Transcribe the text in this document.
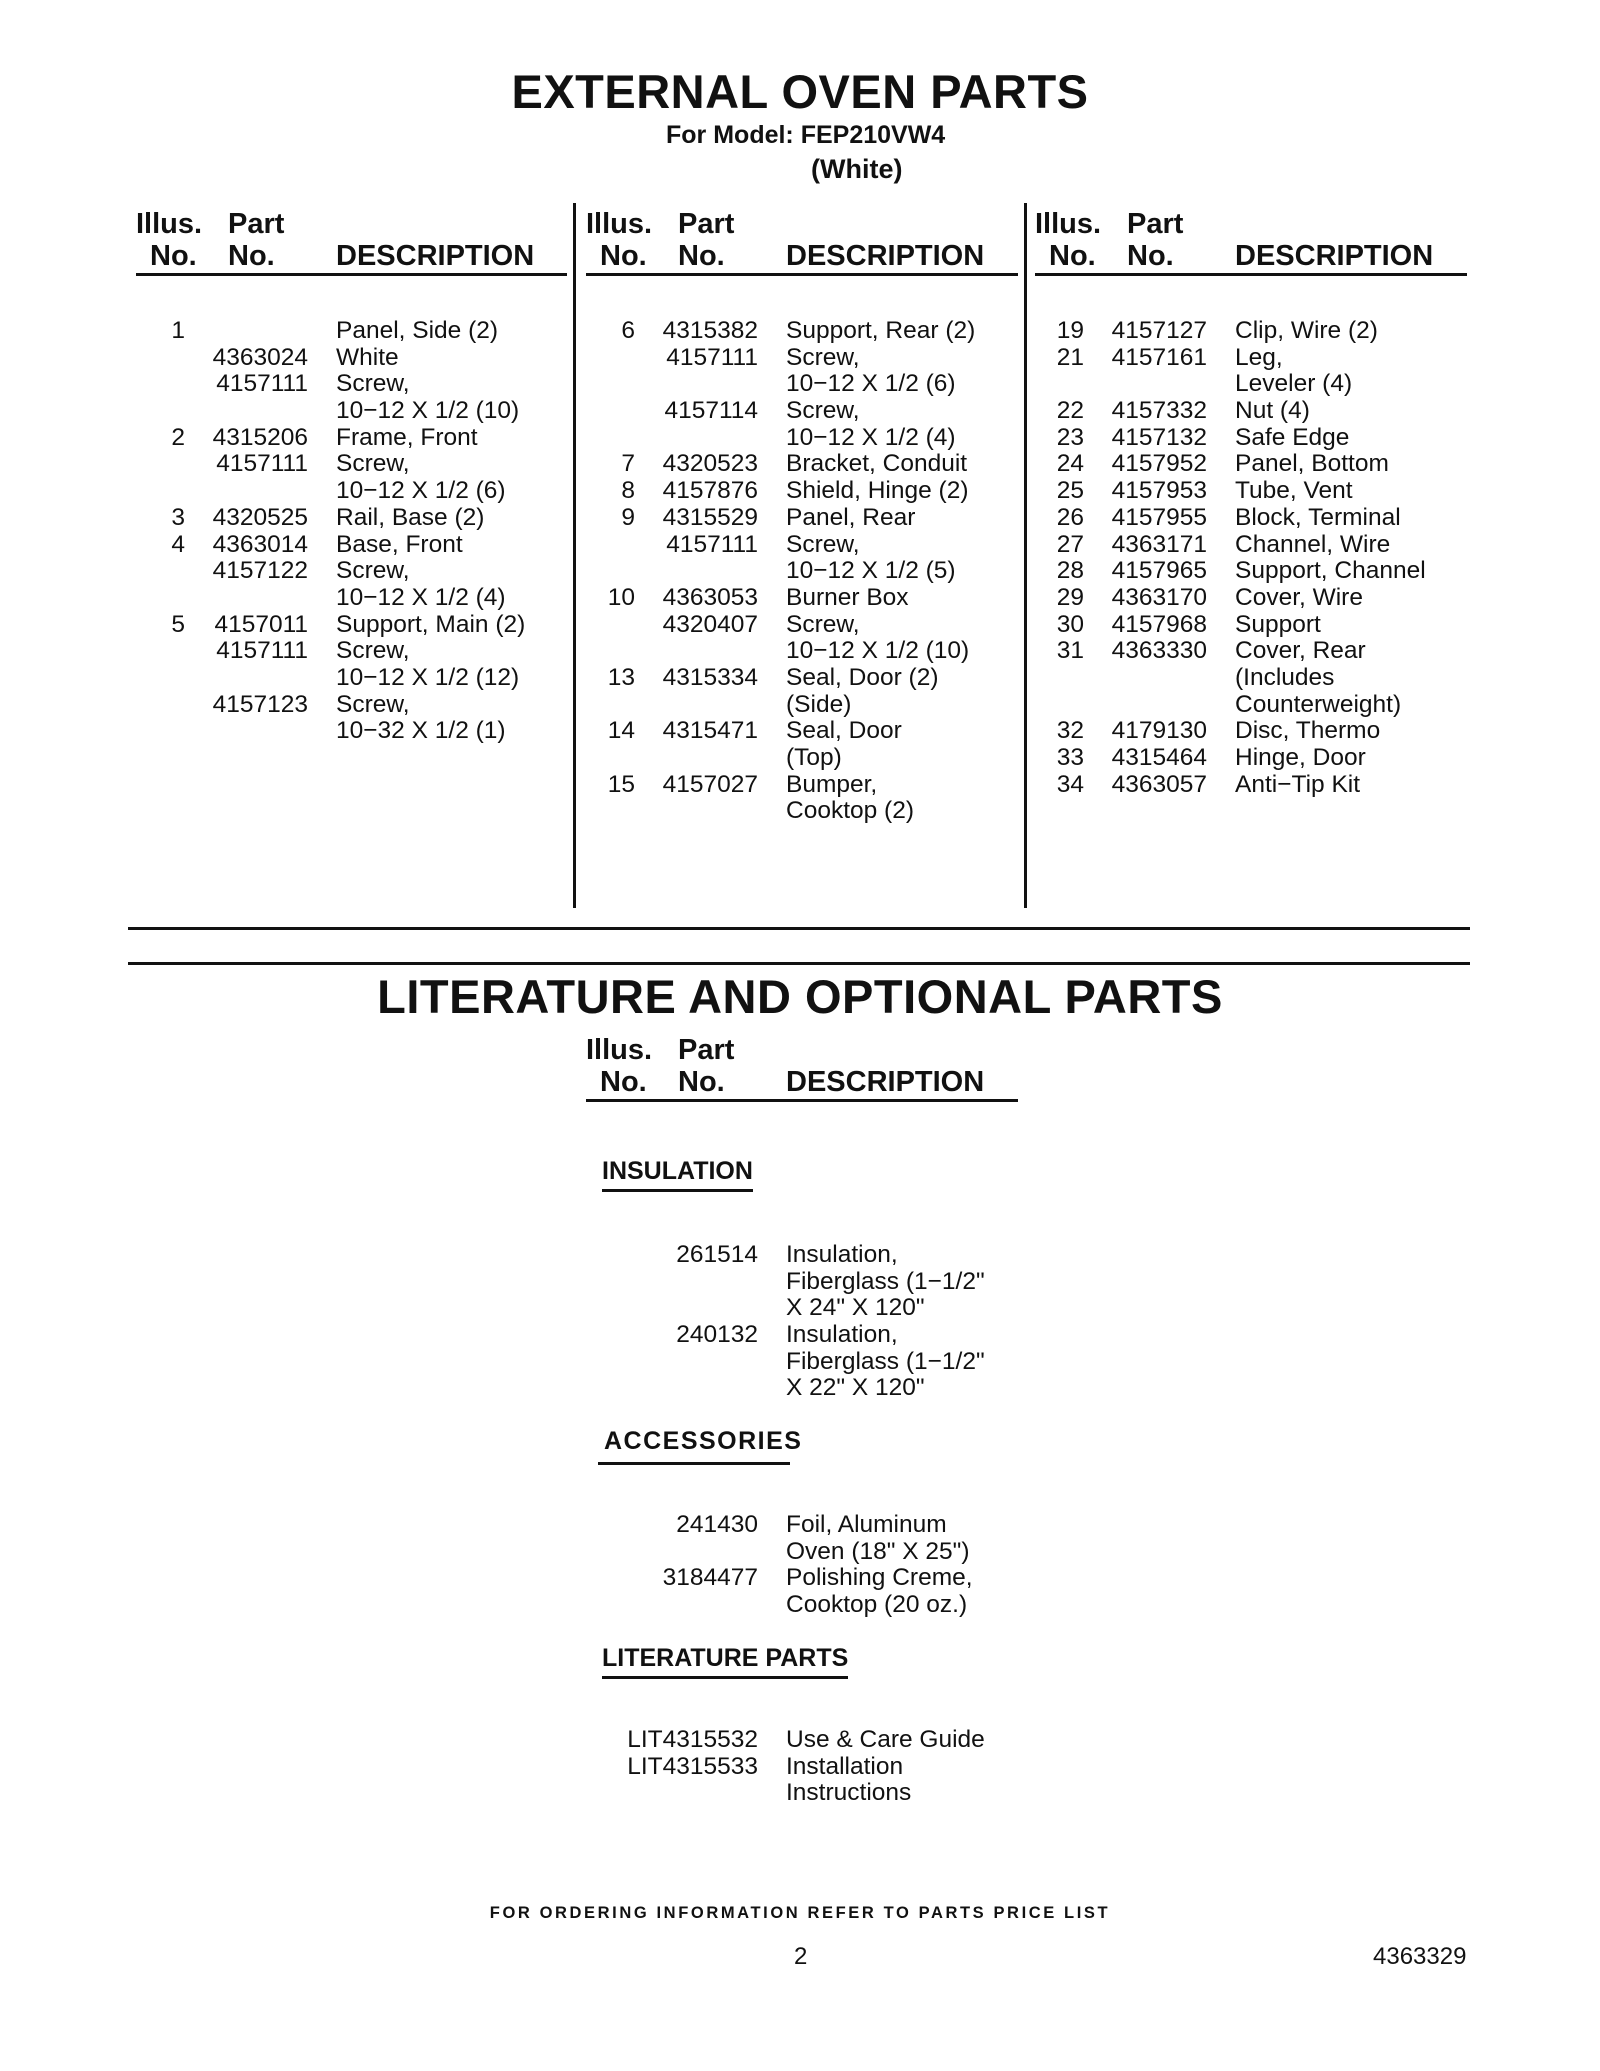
EXTERNAL OVEN PARTS
For Model: FEP210VW4
(White)
Illus.
No.
Part
No. DESCRIPTION
Illus.
No.
Part
No. DESCRIPTION
Illus.
No.
Part
No. DESCRIPTION
1	Panel, Side (2)
4363024 White
4157111 Screw,
10−12 X 1/2 (10)
2	4315206 Frame, Front
4157111 Screw,
10−12 X 1/2 (6)
3	4320525 Rail, Base (2)
4	4363014 Base, Front
4157122 Screw,
10−12 X 1/2 (4)
5	4157011 Support, Main (2)
4157111 Screw,
10−12 X 1/2 (12)
4157123 Screw,
10−32 X 1/2 (1)
6	4315382 Support, Rear (2)
4157111 Screw,
10−12 X 1/2 (6)
4157114 Screw,
10−12 X 1/2 (4)
7	4320523 Bracket, Conduit
8	4157876 Shield, Hinge (2)
9	4315529 Panel, Rear
4157111 Screw,
10−12 X 1/2 (5)
10	4363053 Burner Box
4320407 Screw,
10−12 X 1/2 (10)
13	4315334 Seal, Door (2)
(Side)
14	4315471 Seal, Door
(Top)
15	4157027 Bumper,
Cooktop (2)
19	4157127 Clip, Wire (2)
21	4157161 Leg,
Leveler (4)
22	4157332 Nut (4)
23	4157132 Safe Edge
24	4157952 Panel, Bottom
25	4157953 Tube, Vent
26	4157955 Block, Terminal
27	4363171 Channel, Wire
28	4157965 Support, Channel
29	4363170 Cover, Wire
30	4157968 Support
31	4363330 Cover, Rear
(Includes
Counterweight)
32	4179130 Disc, Thermo
33	4315464 Hinge, Door
34	4363057 Anti−Tip Kit
LITERATURE AND OPTIONAL PARTS
Illus.
No.
Part
No. DESCRIPTION
INSULATION
261514 Insulation,
Fiberglass (1−1/2"
X 24" X 120"
240132 Insulation,
Fiberglass (1−1/2"
X 22" X 120"
ACCESSORIES
241430 Foil, Aluminum
Oven (18" X 25")
3184477 Polishing Creme,
Cooktop (20 oz.)
LITERATURE PARTS
LIT4315532 Use & Care Guide
LIT4315533 Installation
Instructions
FOR ORDERING INFORMATION REFER TO PARTS PRICE LIST
2	4363329
